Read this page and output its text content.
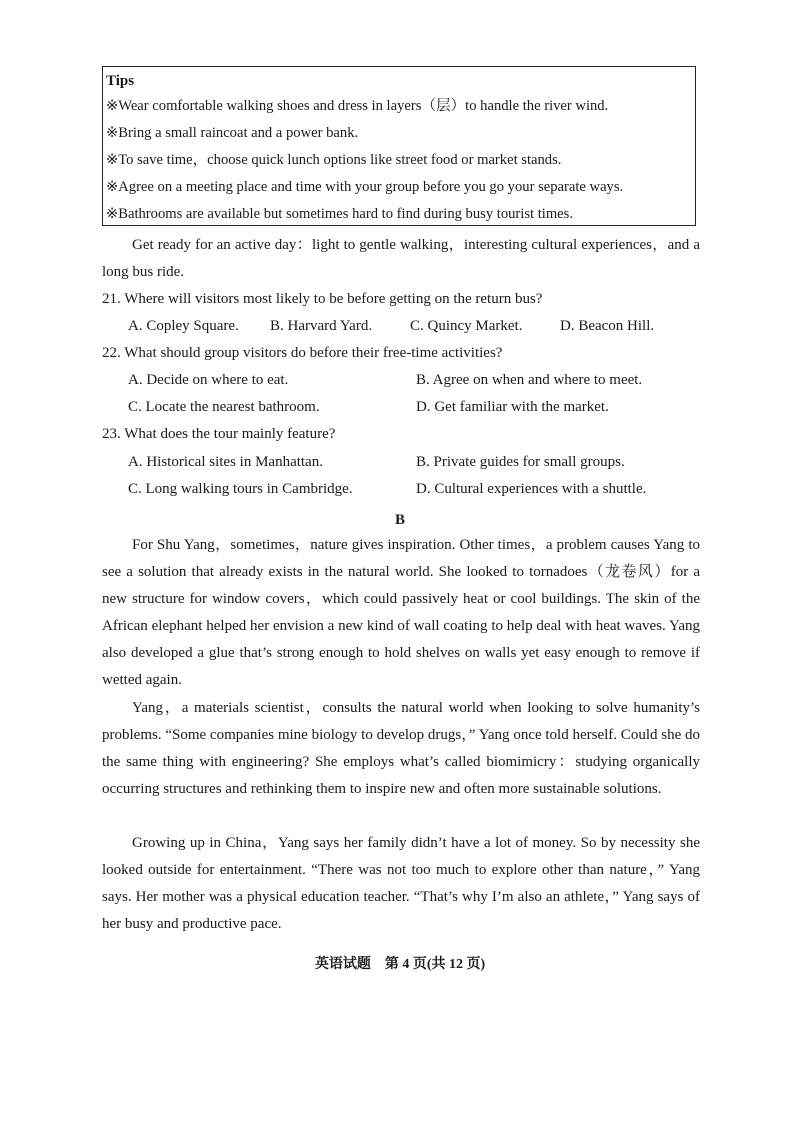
Tips
※Wear comfortable walking shoes and dress in layers（层）to handle the river wind.
※Bring a small raincoat and a power bank.
※To save time，choose quick lunch options like street food or market stands.
※Agree on a meeting place and time with your group before you go your separate ways.
※Bathrooms are available but sometimes hard to find during busy tourist times.
Get ready for an active day：light to gentle walking，interesting cultural experiences，and a long bus ride.
21. Where will visitors most likely to be before getting on the return bus?
A. Copley Square. B. Harvard Yard.	C. Quincy Market.	D. Beacon Hill.
22. What should group visitors do before their free-time activities?
A. Decide on where to eat.	B. Agree on when and where to meet.
C. Locate the nearest bathroom.	D. Get familiar with the market.
23. What does the tour mainly feature?
A. Historical sites in Manhattan.	B. Private guides for small groups.
C. Long walking tours in Cambridge.	D. Cultural experiences with a shuttle.
B
For Shu Yang，sometimes，nature gives inspiration. Other times，a problem causes Yang to see a solution that already exists in the natural world. She looked to tornadoes（龙卷风）for a new structure for window covers，which could passively heat or cool buildings. The skin of the African elephant helped her envision a new kind of wall coating to help deal with heat waves. Yang also developed a glue that’s strong enough to hold shelves on walls yet easy enough to remove if wetted again.
Yang，a materials scientist，consults the natural world when looking to solve humanity’s problems. “Some companies mine biology to develop drugs，” Yang once told herself. Could she do the same thing with engineering? She employs what’s called biomimicry：studying organically occurring structures and rethinking them to inspire new and often more sustainable solutions.
Growing up in China，Yang says her family didn’t have a lot of money. So by necessity she looked outside for entertainment. “There was not too much to explore other than nature，” Yang says. Her mother was a physical education teacher. “That’s why I’m also an athlete，” Yang says of her busy and productive pace.
英语试题　第 4 页(共 12 页)
